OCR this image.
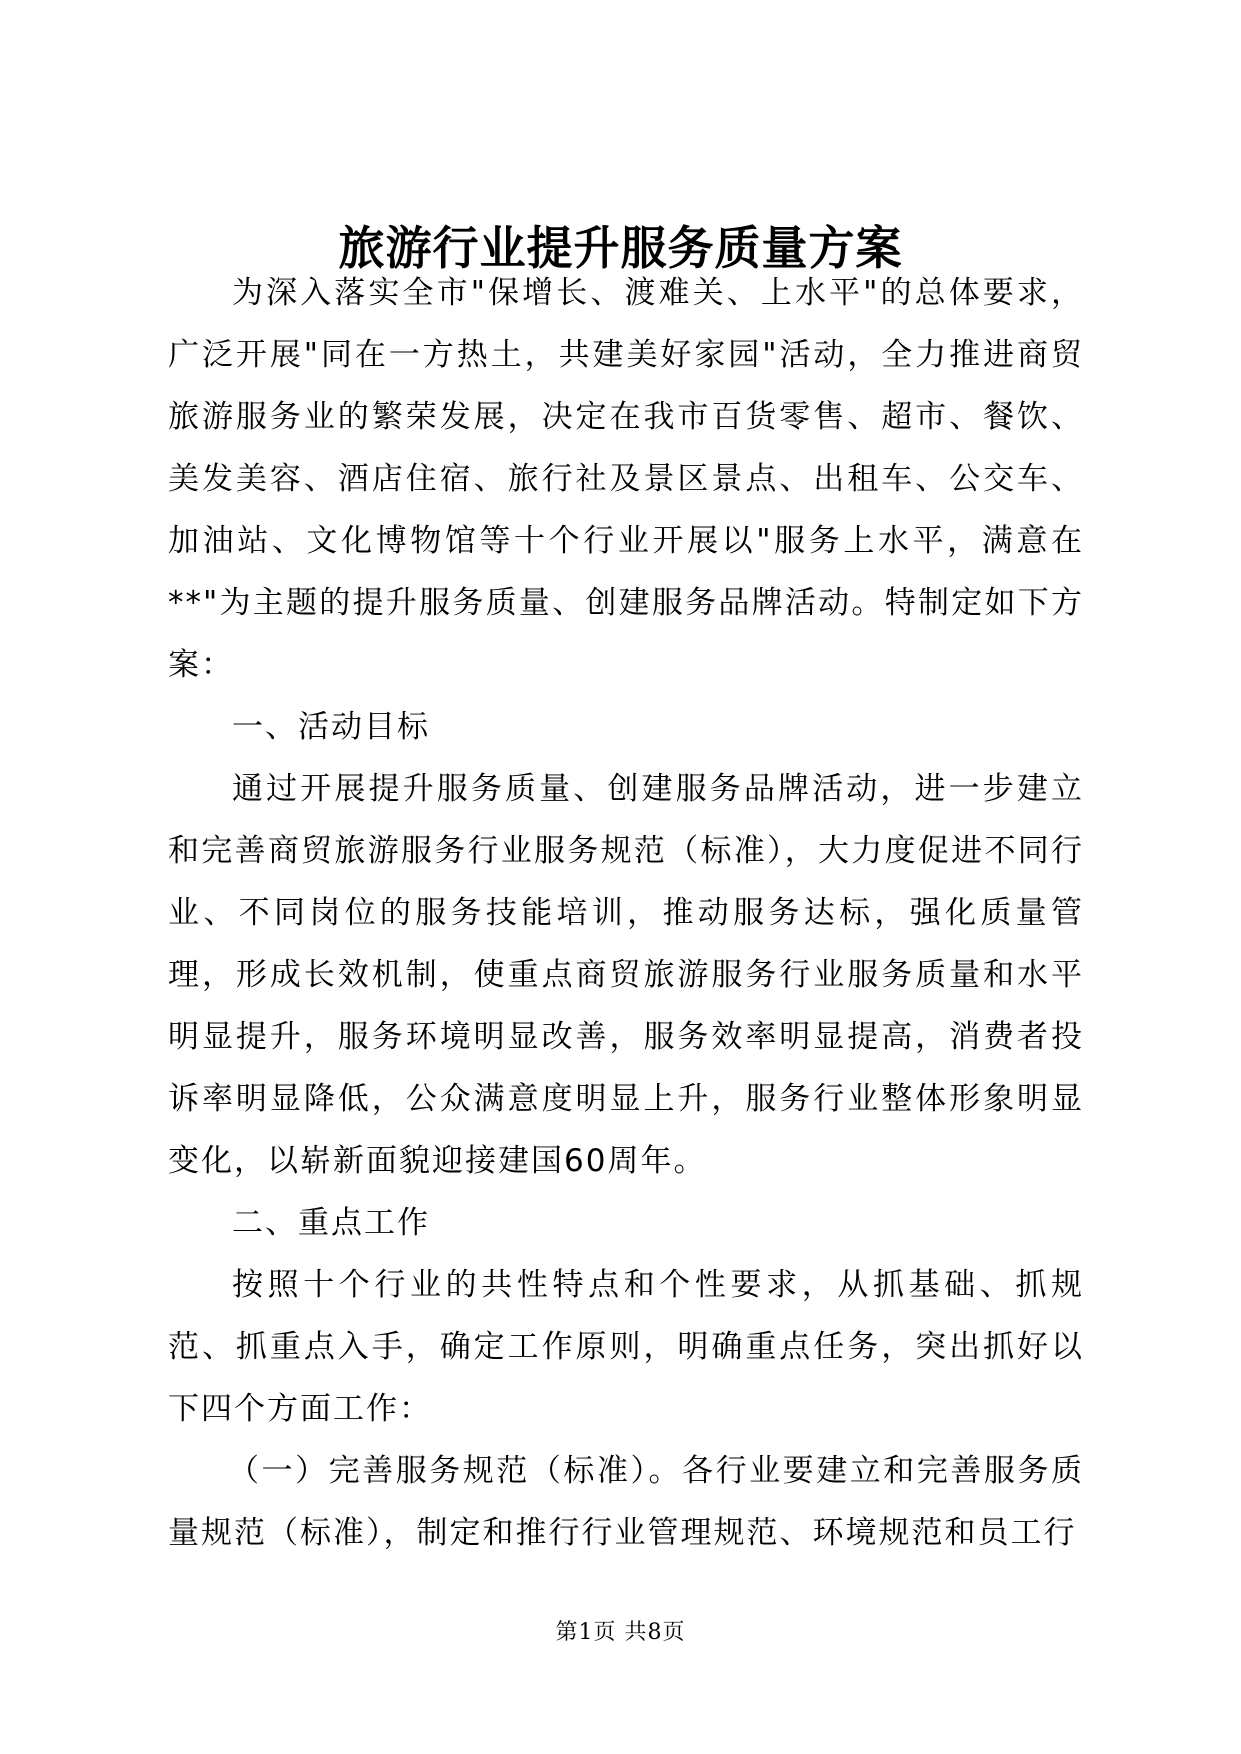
旅游行业提升服务质量方案

为深入落实全市"保增长、渡难关、上水平"的总体要求，广泛开展"同在一方热土，共建美好家园"活动，全力推进商贸旅游服务业的繁荣发展，决定在我市百货零售、超市、餐饮、美发美容、酒店住宿、旅行社及景区景点、出租车、公交车、加油站、文化博物馆等十个行业开展以"服务上水平，满意在**"为主题的提升服务质量、创建服务品牌活动。特制定如下方案：

一、活动目标

通过开展提升服务质量、创建服务品牌活动，进一步建立和完善商贸旅游服务行业服务规范（标准），大力度促进不同行业、不同岗位的服务技能培训，推动服务达标，强化质量管理，形成长效机制，使重点商贸旅游服务行业服务质量和水平明显提升，服务环境明显改善，服务效率明显提高，消费者投诉率明显降低，公众满意度明显上升，服务行业整体形象明显变化，以崭新面貌迎接建国60周年。

二、重点工作

按照十个行业的共性特点和个性要求，从抓基础、抓规范、抓重点入手，确定工作原则，明确重点任务，突出抓好以下四个方面工作：

（一）完善服务规范（标准）。各行业要建立和完善服务质量规范（标准），制定和推行行业管理规范、环境规范和员工行

第1页 共8页
